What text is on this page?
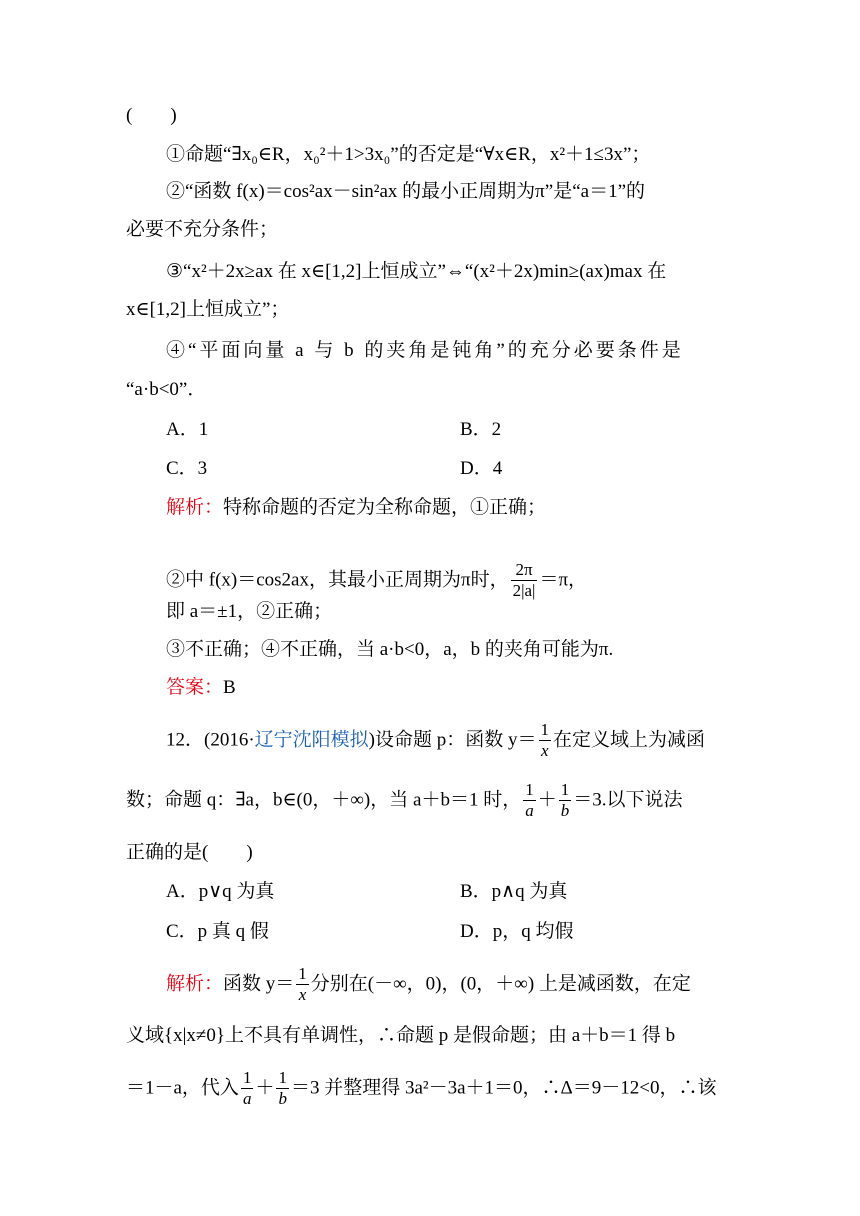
(　　)
①命题“∃x₀∈R，x₀²＋1>3x₀”的否定是“∀x∈R，x²＋1≤3x”；
②“函数 f(x)＝cos²ax－sin²ax 的最小正周期为π”是“a＝1”的
必要不充分条件；
③“x²＋2x≥ax 在 x∈[1,2]上恒成立”⇔“(x²＋2x)min≥(ax)max 在
x∈[1,2]上恒成立”；
④“平面向量 a 与 b 的夹角是钝角”的充分必要条件是
“a·b<0”．
A．1	B．2
C．3	D．4
解析：特称命题的否定为全称命题，①正确；
②中 f(x)＝cos2ax，其最小正周期为π时， $\frac{2\pi}{2|a|} =\pi$，
即 a＝±1，②正确；
③不正确；④不正确，当 a·b<0，a，b 的夹角可能为π.
答案：B
12．(2016·辽宁沈阳模拟)设命题 p：函数 $y= \frac{1}{x}$ 在定义域上为减函
数；命题 q：∃a，b∈(0，＋∞)，当 a＋b＝1 时， $\frac{1}{a} + \frac{1}{b} =3$.以下说法
正确的是(　　)
A．p∨q 为真	B．p∧q 为真
C．p 真 q 假	D．p，q 均假
解析：函数 $y= \frac{1}{x}$ 分别在(－∞，0)，(0，＋∞) 上是减函数，在定
义域{x|x≠0}上不具有单调性，∴命题 p 是假命题；由 a＋b＝1 得 b
＝1－a，代入 $\frac{1}{a} + \frac{1}{b} =3$ 并整理得 3a²－3a＋1＝0，∴Δ＝9－12<0，∴该
